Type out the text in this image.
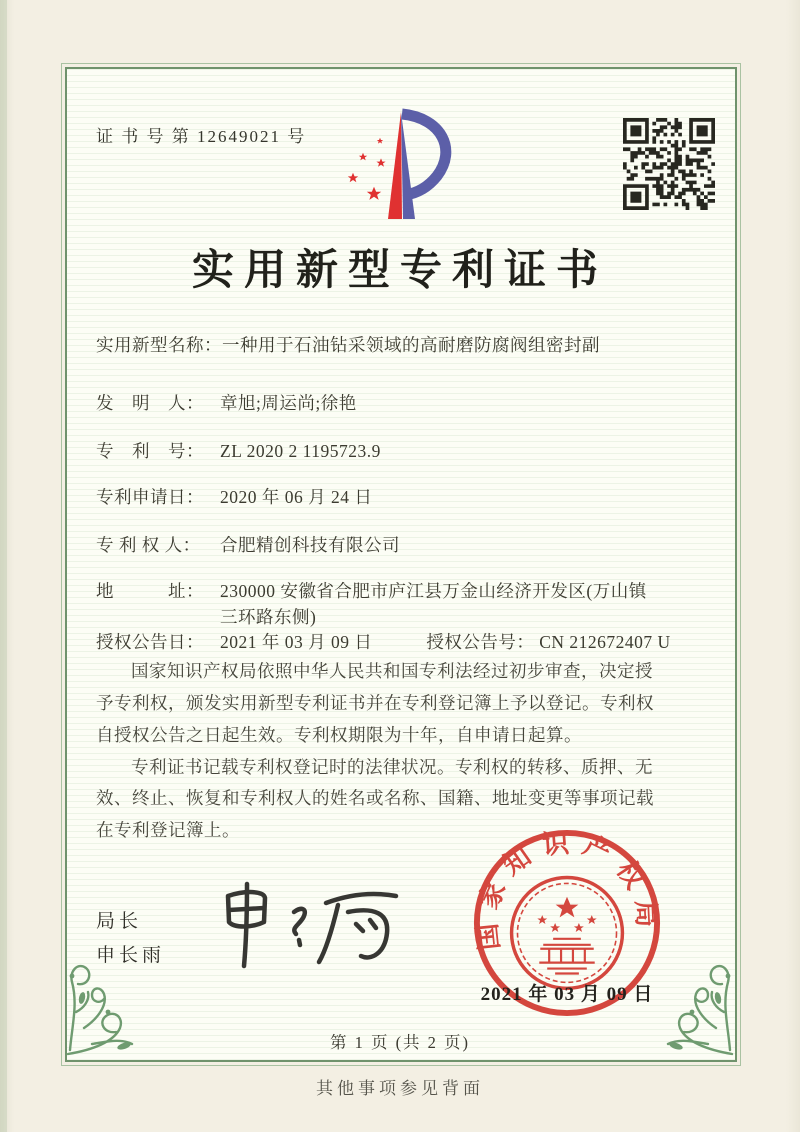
证 书 号 第 12649021 号
实用新型专利证书
实用新型名称：一种用于石油钻采领域的高耐磨防腐阀组密封副
发　明　人： 章旭;周运尚;徐艳
专　利　号： ZL 2020 2 1195723.9
专利申请日： 2020 年 06 月 24 日
专 利 权 人： 合肥精创科技有限公司
地　　　址： 230000 安徽省合肥市庐江县万金山经济开发区(万山镇三环路东侧)
授权公告日： 2021 年 03 月 09 日	授权公告号： CN 212672407 U

国家知识产权局依照中华人民共和国专利法经过初步审查，决定授予专利权，颁发实用新型专利证书并在专利登记簿上予以登记。专利权自授权公告之日起生效。专利权期限为十年，自申请日起算。

专利证书记载专利权登记时的法律状况。专利权的转移、质押、无效、终止、恢复和专利权人的姓名或名称、国籍、地址变更等事项记载在专利登记簿上。

局长
申长雨
国家知识产权局
2021 年 03 月 09 日
第 1 页 (共 2 页)
其他事项参见背面
